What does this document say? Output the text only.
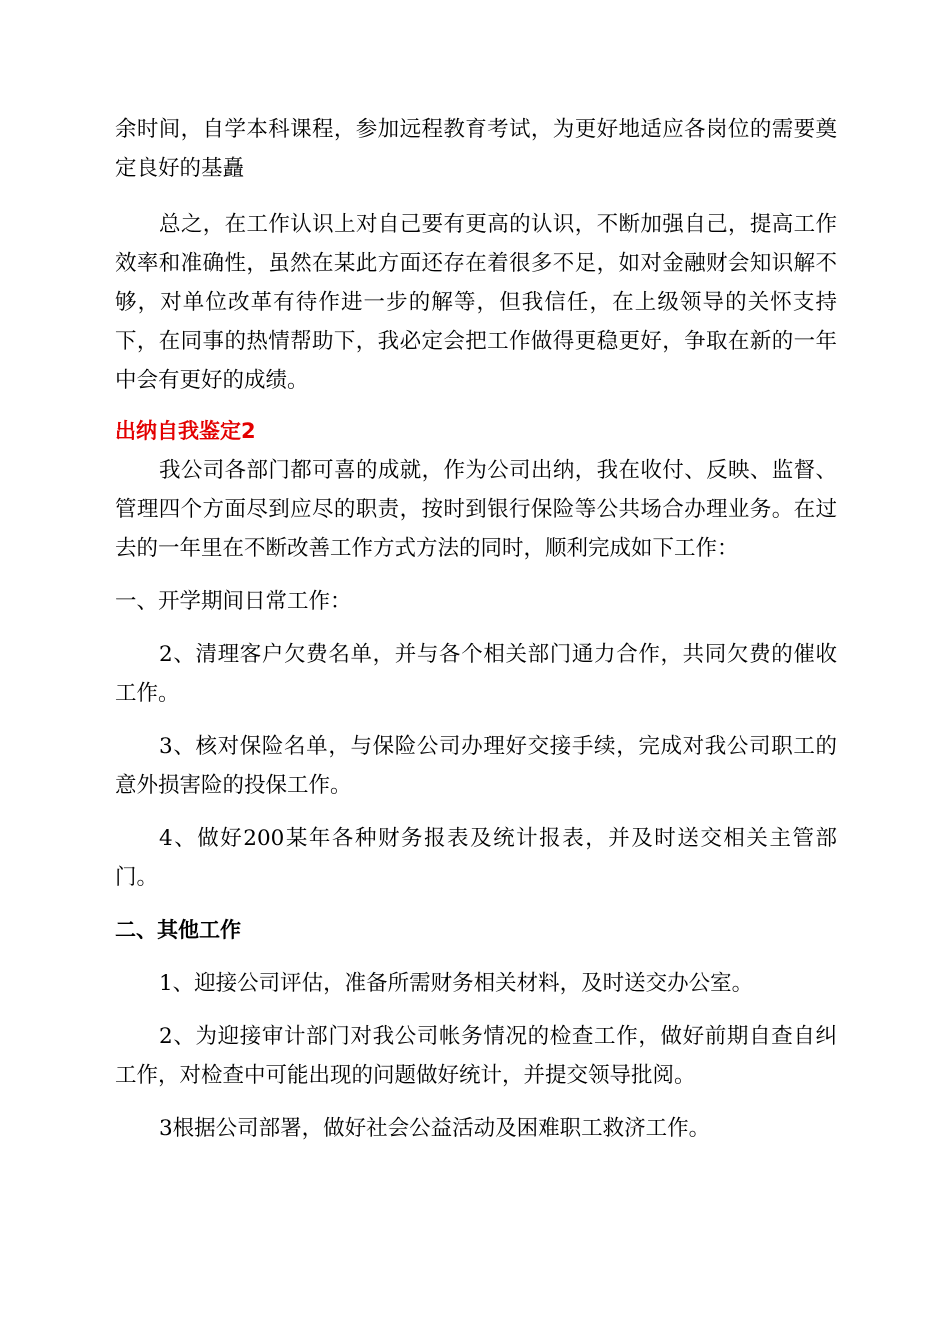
余时间，自学本科课程，参加远程教育考试，为更好地适应各岗位的需要奠定良好的基矗

总之，在工作认识上对自己要有更高的认识，不断加强自己，提高工作效率和准确性，虽然在某此方面还存在着很多不足，如对金融财会知识解不够，对单位改革有待作进一步的解等，但我信任，在上级领导的关怀支持下，在同事的热情帮助下，我必定会把工作做得更稳更好，争取在新的一年中会有更好的成绩。

出纳自我鉴定2

我公司各部门都可喜的成就，作为公司出纳，我在收付、反映、监督、管理四个方面尽到应尽的职责，按时到银行保险等公共场合办理业务。在过去的一年里在不断改善工作方式方法的同时，顺利完成如下工作：

一、开学期间日常工作：

2、清理客户欠费名单，并与各个相关部门通力合作，共同欠费的催收工作。

3、核对保险名单，与保险公司办理好交接手续，完成对我公司职工的意外损害险的投保工作。

4、做好200某年各种财务报表及统计报表，并及时送交相关主管部门。

二、其他工作

1、迎接公司评估，准备所需财务相关材料，及时送交办公室。

2、为迎接审计部门对我公司帐务情况的检查工作，做好前期自查自纠工作，对检查中可能出现的问题做好统计，并提交领导批阅。

3根据公司部署，做好社会公益活动及困难职工救济工作。
